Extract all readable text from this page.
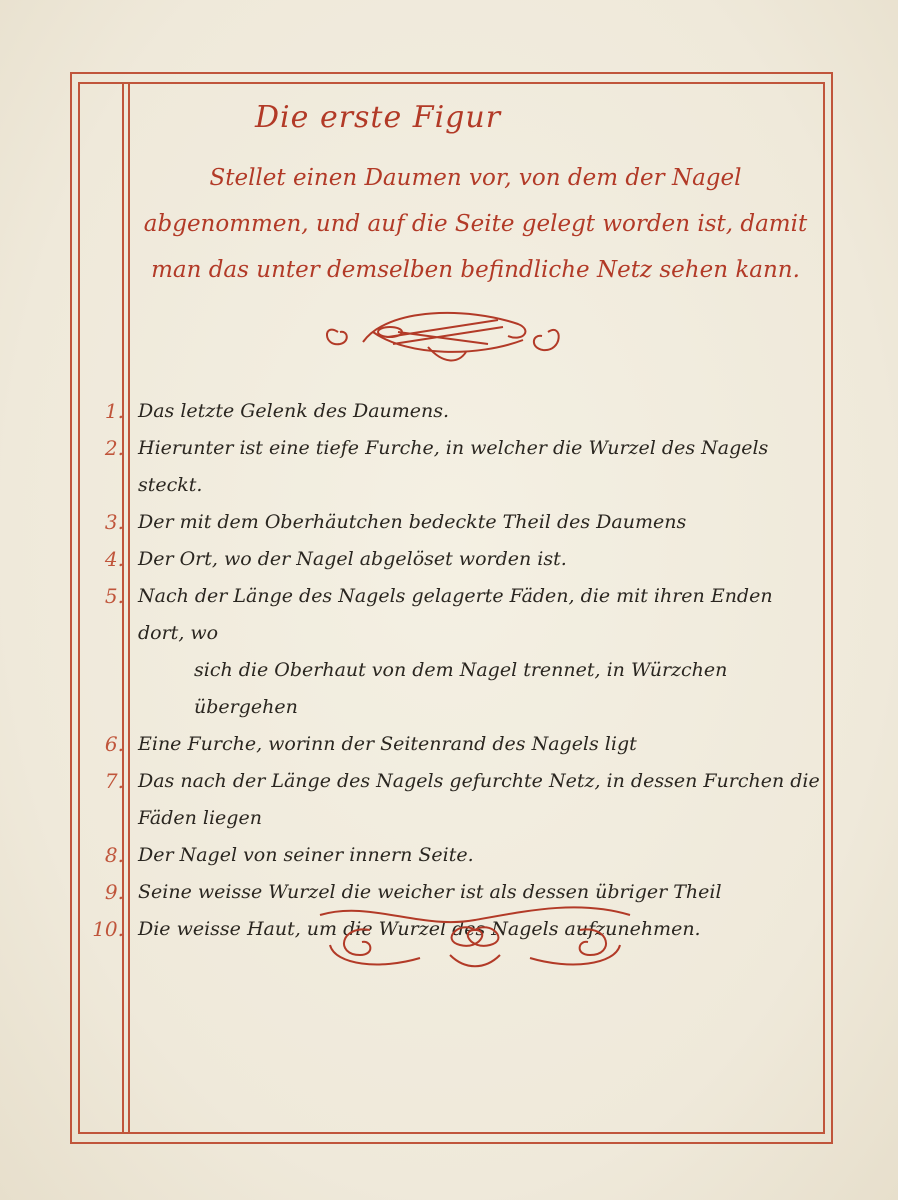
Die erste Figur
Stellet einen Daumen vor, von dem der Nagel abgenommen, und auf die Seite gelegt worden ist, damit man das unter demselben befindliche Netz sehen kann.
1. Das letzte Gelenk des Daumens.
2. Hierunter ist eine tiefe Furche, in welcher die Wurzel des Nagels steckt.
3. Der mit dem Oberhäutchen bedeckte Theil des Daumens
4. Der Ort, wo der Nagel abgelöset worden ist.
5. Nach der Länge des Nagels gelagerte Fäden, die mit ihren Enden dort, wo
sich die Oberhaut von dem Nagel trennet, in Würzchen übergehen
6. Eine Furche, worinn der Seitenrand des Nagels ligt
7. Das nach der Länge des Nagels gefurchte Netz, in dessen Furchen die Fäden liegen
8. Der Nagel von seiner innern Seite.
9. Seine weisse Wurzel die weicher ist als dessen übriger Theil
10. Die weisse Haut, um die Wurzel des Nagels aufzunehmen.
